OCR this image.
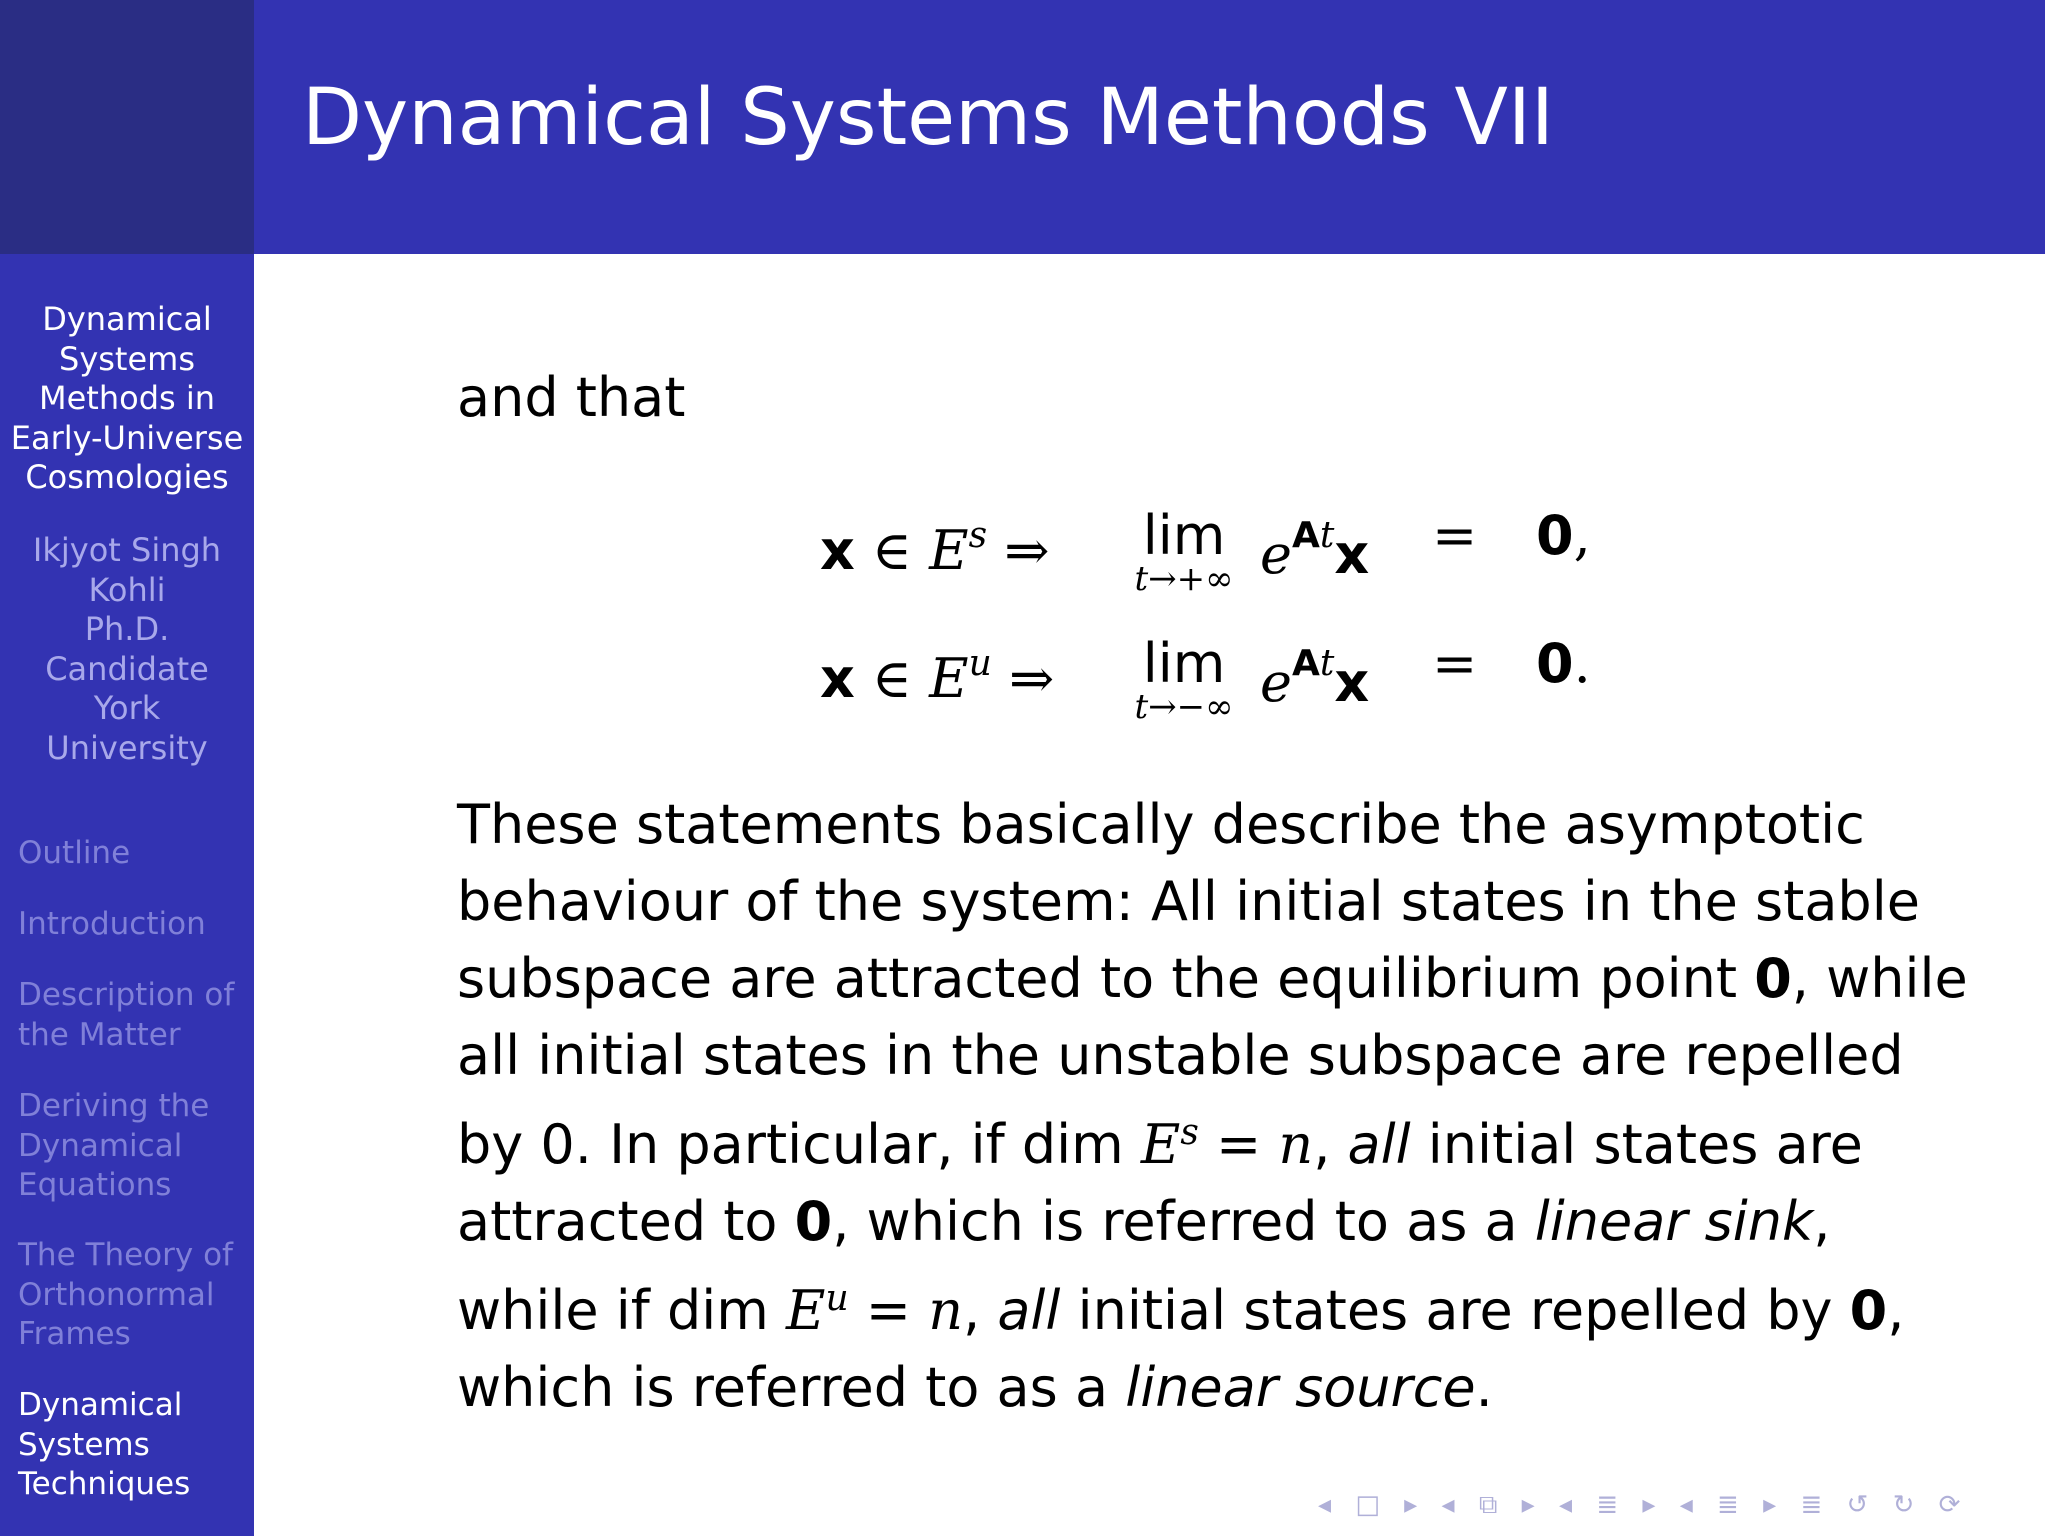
Dynamical Systems Methods VII
Dynamical
Systems
Methods in
Early-Universe
Cosmologies
Ikjyot Singh
Kohli
Ph.D.
Candidate
York
University
Outline
Introduction
Description of
the Matter
Deriving the
Dynamical
Equations
The Theory of
Orthonormal
Frames
Dynamical
Systems
Techniques
and that
x ∈ $E^s$ ⇒	lim
t→+∞ $e^{At}x = 0$,
x ∈ $E^u$ ⇒	lim
t→−∞ $e^{At}x = 0$.

These statements basically describe the asymptotic behaviour of the system: All initial states in the stable subspace are attracted to the equilibrium point 0, while all initial states in the unstable subspace are repelled by 0. In particular, if dim $E^s = n$, all initial states are attracted to 0, which is referred to as a linear sink, while if dim $E^u = n$, all initial states are repelled by 0, which is referred to as a linear source.

◂ □ ▸ ◂ ⧉ ▸ ◂ ≣ ▸ ◂ ≣ ▸ ≣ ↺ ↻ ⟳
